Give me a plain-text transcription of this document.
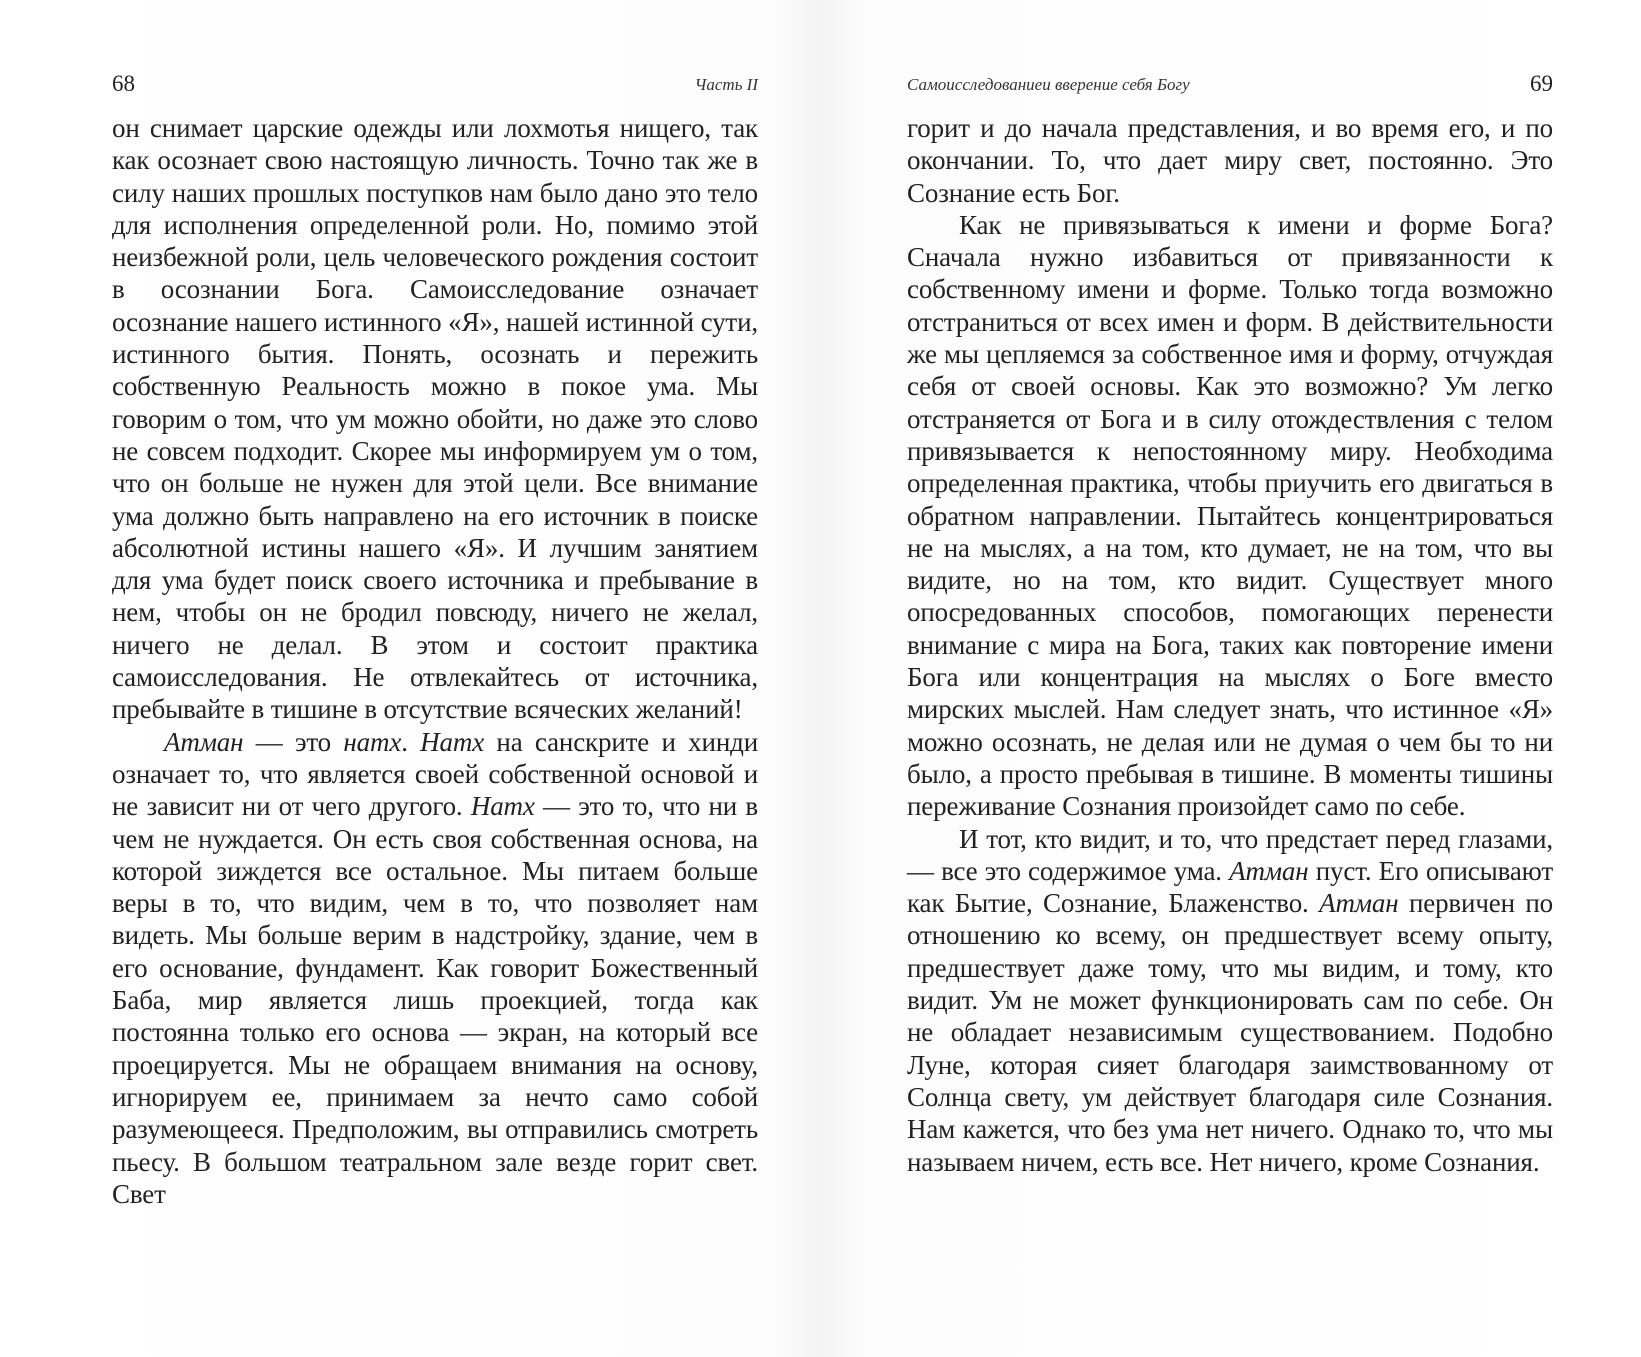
68	Часть II

он снимает царские одежды или лохмотья нищего, так как осознает свою настоящую личность. Точно так же в силу наших прошлых поступков нам было дано это тело для исполнения определенной роли. Но, помимо этой неизбежной роли, цель человеческого рождения состоит в осознании Бога. Самоисследование означает осознание нашего истинного «Я», нашей истинной сути, истинного бытия. Понять, осознать и пережить собственную Реальность можно в покое ума. Мы говорим о том, что ум можно обойти, но даже это слово не совсем подходит. Скорее мы информируем ум о том, что он больше не нужен для этой цели. Все внимание ума должно быть направлено на его источник в поиске абсолютной истины нашего «Я». И лучшим занятием для ума будет поиск своего источника и пребывание в нем, чтобы он не бродил повсюду, ничего не желал, ничего не делал. В этом и состоит практика самоисследования. Не отвлекайтесь от источника, пребывайте в тишине в отсутствие всяческих желаний!

Атман — это натх. Натх на санскрите и хинди означает то, что является своей собственной основой и не зависит ни от чего другого. Натх — это то, что ни в чем не нуждается. Он есть своя собственная основа, на которой зиждется все остальное. Мы питаем больше веры в то, что видим, чем в то, что позволяет нам видеть. Мы больше верим в надстройку, здание, чем в его основание, фундамент. Как говорит Божественный Баба, мир является лишь проекцией, тогда как постоянна только его основа — экран, на который все проецируется. Мы не обращаем внимания на основу, игнорируем ее, принимаем за нечто само собой разумеющееся. Предположим, вы отправились смотреть пьесу. В большом театральном зале везде горит свет. Свет

Самоисследованиеи вверение себя Богу	69

горит и до начала представления, и во время его, и по окончании. То, что дает миру свет, постоянно. Это Сознание есть Бог.

Как не привязываться к имени и форме Бога? Сначала нужно избавиться от привязанности к собственному имени и форме. Только тогда возможно отстраниться от всех имен и форм. В действительности же мы цепляемся за собственное имя и форму, отчуждая себя от своей основы. Как это возможно? Ум легко отстраняется от Бога и в силу отождествления с телом привязывается к непостоянному миру. Необходима определенная практика, чтобы приучить его двигаться в обратном направлении. Пытайтесь концентрироваться не на мыслях, а на том, кто думает, не на том, что вы видите, но на том, кто видит. Существует много опосредованных способов, помогающих перенести внимание с мира на Бога, таких как повторение имени Бога или концентрация на мыслях о Боге вместо мирских мыслей. Нам следует знать, что истинное «Я» можно осознать, не делая или не думая о чем бы то ни было, а просто пребывая в тишине. В моменты тишины переживание Сознания произойдет само по себе.

И тот, кто видит, и то, что предстает перед глазами, — все это содержимое ума. Атман пуст. Его описывают как Бытие, Сознание, Блаженство. Атман первичен по отношению ко всему, он предшествует всему опыту, предшествует даже тому, что мы видим, и тому, кто видит. Ум не может функционировать сам по себе. Он не обладает независимым существованием. Подобно Луне, которая сияет благодаря заимствованному от Солнца свету, ум действует благодаря силе Сознания. Нам кажется, что без ума нет ничего. Однако то, что мы называем ничем, есть все. Нет ничего, кроме Сознания.
